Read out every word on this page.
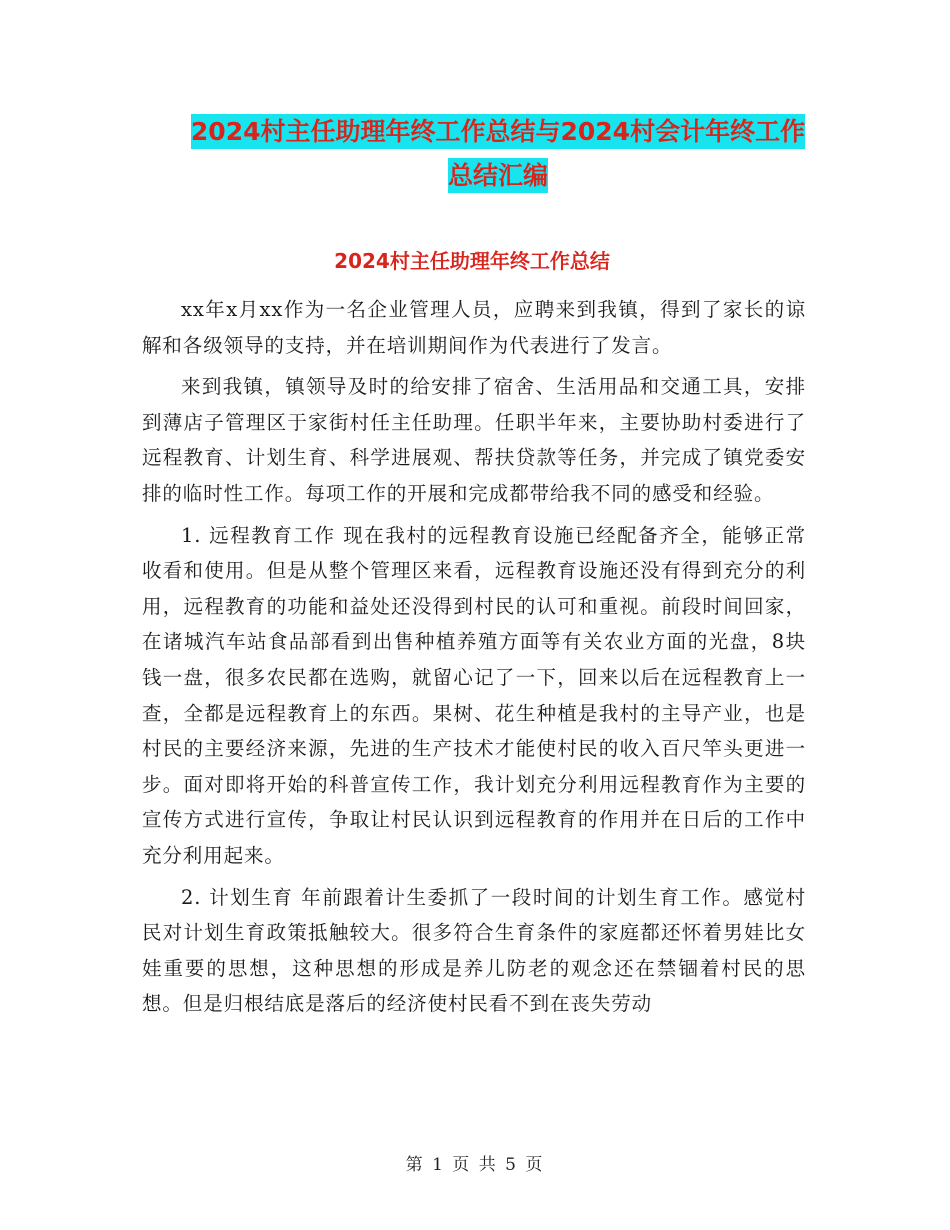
2024村主任助理年终工作总结与2024村会计年终工作
总结汇编
2024村主任助理年终工作总结

xx年x月xx作为一名企业管理人员，应聘来到我镇，得到了家长的谅解和各级领导的支持，并在培训期间作为代表进行了发言。

来到我镇，镇领导及时的给安排了宿舍、生活用品和交通工具，安排到薄店子管理区于家街村任主任助理。任职半年来，主要协助村委进行了远程教育、计划生育、科学进展观、帮扶贷款等任务，并完成了镇党委安排的临时性工作。每项工作的开展和完成都带给我不同的感受和经验。

1. 远程教育工作 现在我村的远程教育设施已经配备齐全，能够正常收看和使用。但是从整个管理区来看，远程教育设施还没有得到充分的利用，远程教育的功能和益处还没得到村民的认可和重视。前段时间回家，在诸城汽车站食品部看到出售种植养殖方面等有关农业方面的光盘，8块钱一盘，很多农民都在选购，就留心记了一下，回来以后在远程教育上一查，全都是远程教育上的东西。果树、花生种植是我村的主导产业，也是村民的主要经济来源，先进的生产技术才能使村民的收入百尺竿头更进一步。面对即将开始的科普宣传工作，我计划充分利用远程教育作为主要的宣传方式进行宣传，争取让村民认识到远程教育的作用并在日后的工作中充分利用起来。

2. 计划生育 年前跟着计生委抓了一段时间的计划生育工作。感觉村民对计划生育政策抵触较大。很多符合生育条件的家庭都还怀着男娃比女娃重要的思想，这种思想的形成是养儿防老的观念还在禁锢着村民的思想。但是归根结底是落后的经济使村民看不到在丧失劳动

第 1 页 共 5 页
